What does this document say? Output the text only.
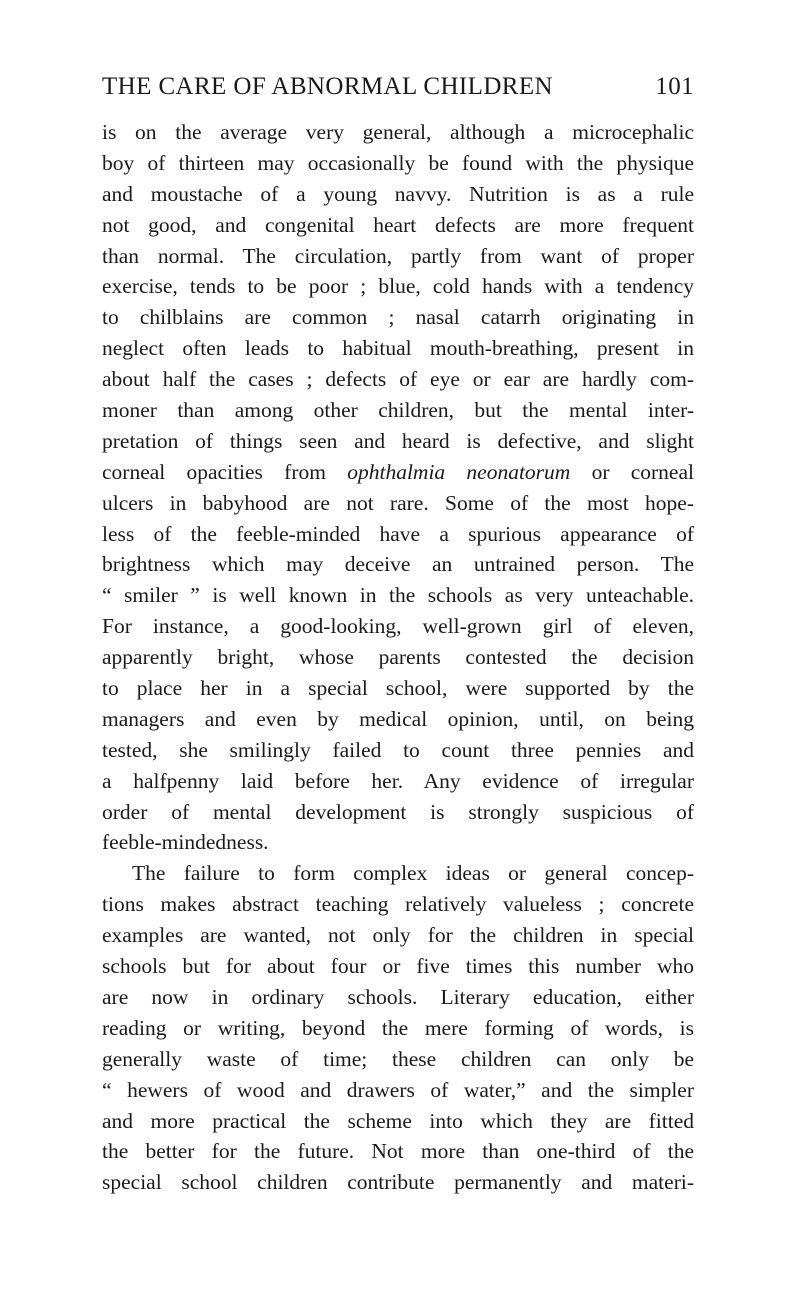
THE CARE OF ABNORMAL CHILDREN	101
is on the average very general, although a microcephalic
boy of thirteen may occasionally be found with the physique
and moustache of a young navvy. Nutrition is as a rule
not good, and congenital heart defects are more frequent
than normal. The circulation, partly from want of proper
exercise, tends to be poor ; blue, cold hands with a tendency
to chilblains are common ; nasal catarrh originating in
neglect often leads to habitual mouth-breathing, present in
about half the cases ; defects of eye or ear are hardly com-
moner than among other children, but the mental inter-
pretation of things seen and heard is defective, and slight
corneal opacities from ophthalmia neonatorum or corneal
ulcers in babyhood are not rare. Some of the most hope-
less of the feeble-minded have a spurious appearance of
brightness which may deceive an untrained person. The
“ smiler ” is well known in the schools as very unteachable.
For instance, a good-looking, well-grown girl of eleven,
apparently bright, whose parents contested the decision
to place her in a special school, were supported by the
managers and even by medical opinion, until, on being
tested, she smilingly failed to count three pennies and
a halfpenny laid before her. Any evidence of irregular
order of mental development is strongly suspicious of
feeble-mindedness.
The failure to form complex ideas or general concep-
tions makes abstract teaching relatively valueless ; concrete
examples are wanted, not only for the children in special
schools but for about four or five times this number who
are now in ordinary schools. Literary education, either
reading or writing, beyond the mere forming of words, is
generally waste of time; these children can only be
“ hewers of wood and drawers of water,” and the simpler
and more practical the scheme into which they are fitted
the better for the future. Not more than one-third of the
special school children contribute permanently and materi-
